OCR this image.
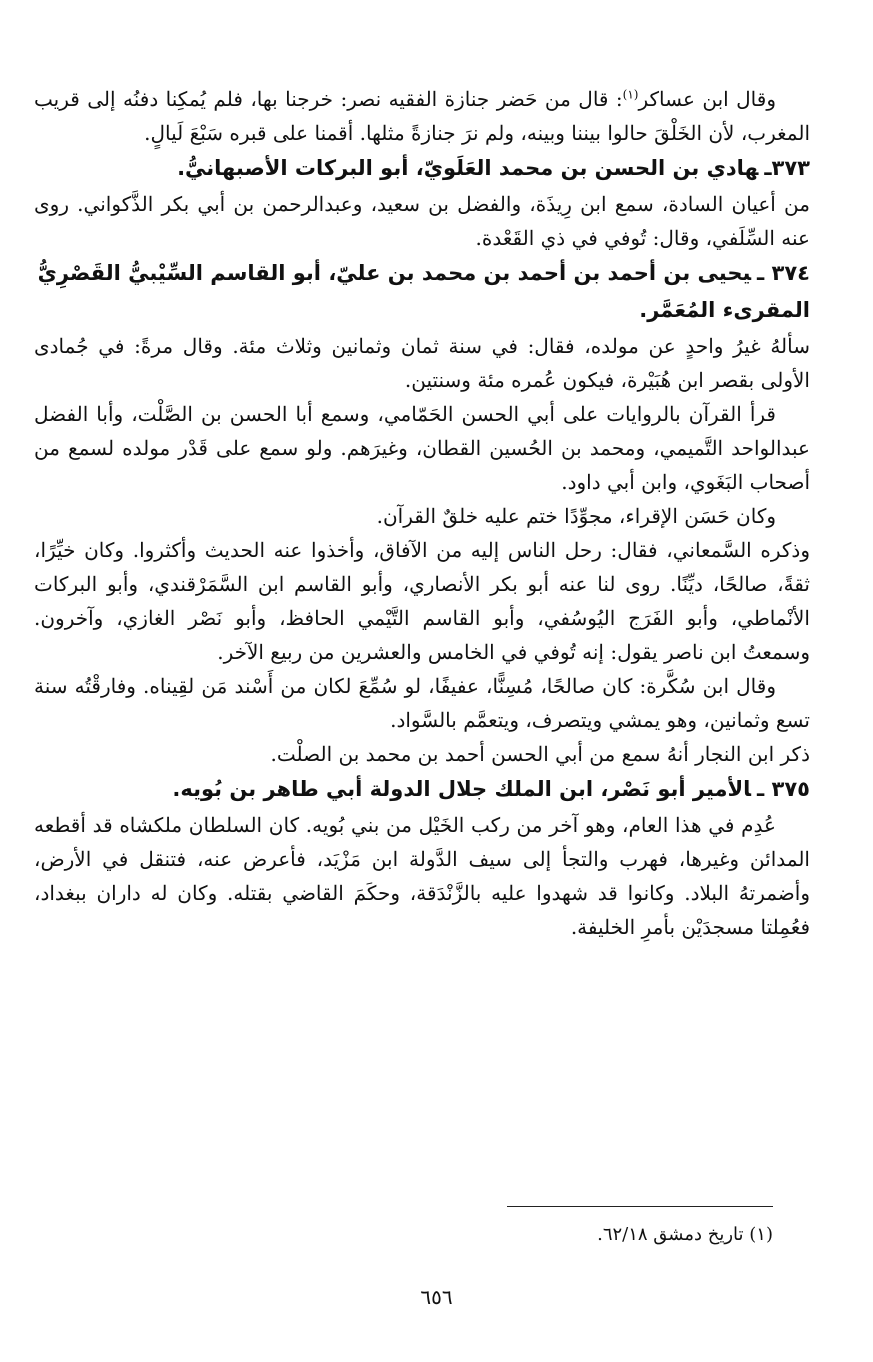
وقال ابن عساكر$^{(١)}$: قال من حَضر جنازة الفقيه نصر: خرجنا بها، فلم يُمكِنا دفنُه إلى قريب المغرب، لأن الخَلْقَ حالوا بيننا وبينه، ولم نرَ جنازةً مثلها. أقمنا على قبره سَبْعَ لَيالٍ.

٣٧٣ـهادي بن الحسن بن محمد العَلَويّ، أبو البركات الأصبهانيُّ.

من أعيان السادة، سمع ابن رِيذَة، والفضل بن سعيد، وعبدالرحمن بن أبي بكر الذَّكواني. روى عنه السِّلَفي، وقال: تُوفي في ذي القَعْدة.

٣٧٤ ـيحيى بن أحمد بن أحمد بن محمد بن عليّ، أبو القاسم السِّيْبيُّ القَصْرِيُّ المقرىء المُعَمَّر.

سألهُ غيرُ واحدٍ عن مولده، فقال: في سنة ثمان وثمانين وثلاث مئة. وقال مرةً: في جُمادى الأولى بقصر ابن هُبَيْرة، فيكون عُمره مئة وسنتين.

قرأ القرآن بالروايات على أبي الحسن الحَمّامي، وسمع أبا الحسن بن الصَّلْت، وأبا الفضل عبدالواحد التَّميمي، ومحمد بن الحُسين القطان، وغيرَهم. ولو سمع على قَدْر مولده لسمع من أصحاب البَغَوي، وابن أبي داود.

وكان حَسَن الإقراء، مجوِّدًا ختم عليه خلقٌ القرآن.

وذكره السَّمعاني، فقال: رحل الناس إليه من الآفاق، وأخذوا عنه الحديث وأكثروا. وكان خيِّرًا، ثقةً، صالحًا، ديِّنًا. روى لنا عنه أبو بكر الأنصاري، وأبو القاسم ابن السَّمَرْقندي، وأبو البركات الأنْماطي، وأبو الفَرَج اليُوسُفي، وأبو القاسم التَّيْمي الحافظ، وأبو نَصْر الغازي، وآخرون. وسمعتُ ابن ناصر يقول: إنه تُوفي في الخامس والعشرين من ربيع الآخر.

وقال ابن سُكَّرة: كان صالحًا، مُسِنًّا، عفيفًا، لو سُمِّعَ لكان من أَسْند مَن لقِيناه. وفارقْتُه سنة تسع وثمانين، وهو يمشي ويتصرف، ويتعمَّم بالسَّواد.

ذكر ابن النجار أنهُ سمع من أبي الحسن أحمد بن محمد بن الصلْت.

٣٧٥ ـالأمير أبو نَصْر، ابن الملك جلال الدولة أبي طاهر بن بُويه.

عُدِم في هذا العام، وهو آخر من ركب الخَيْل من بني بُويه. كان السلطان ملكشاه قد أقطعه المدائن وغيرها، فهرب والتجأ إلى سيف الدَّولة ابن مَزْيَد، فأعرض عنه، فتنقل في الأرض، وأضمرتهُ البلاد. وكانوا قد شهدوا عليه بالزَّنْدَقة، وحكَمَ القاضي بقتله. وكان له داران ببغداد، فعُمِلتا مسجدَيْن بأمرِ الخليفة.

(١) تاريخ دمشق ٦٢/١٨.
٦٥٦
